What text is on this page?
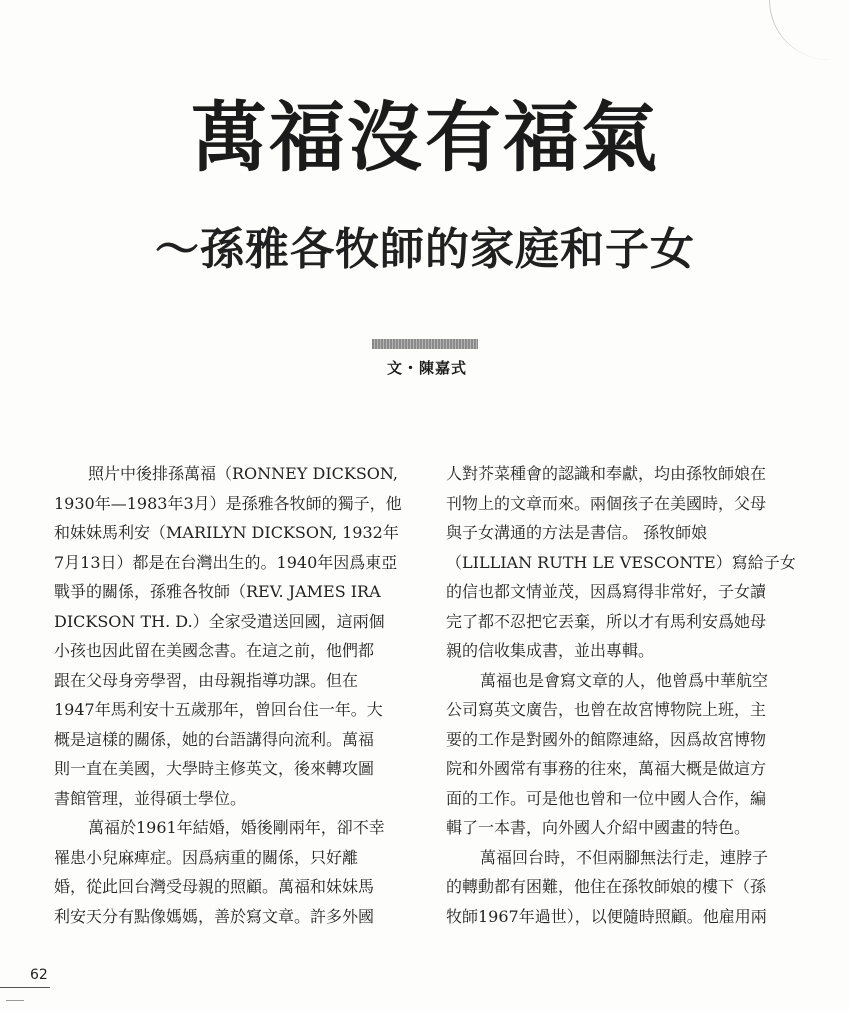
萬福沒有福氣
～孫雅各牧師的家庭和子女
文・陳嘉式
照片中後排孫萬福（RONNEY DICKSON,
1930年—1983年3月）是孫雅各牧師的獨子，他
和妹妹馬利安（MARILYN DICKSON, 1932年
7月13日）都是在台灣出生的。1940年因爲東亞
戰爭的關係，孫雅各牧師（REV. JAMES IRA
DICKSON TH. D.）全家受遣送回國，這兩個
小孩也因此留在美國念書。在這之前，他們都
跟在父母身旁學習，由母親指導功課。但在
1947年馬利安十五歲那年，曾回台住一年。大
概是這樣的關係，她的台語講得向流利。萬福
則一直在美國，大學時主修英文，後來轉攻圖
書館管理，並得碩士學位。
萬福於1961年結婚，婚後剛兩年，卻不幸
罹患小兒麻痺症。因爲病重的關係，只好離
婚，從此回台灣受母親的照顧。萬福和妹妹馬
利安天分有點像媽媽，善於寫文章。許多外國
人對芥菜種會的認識和奉獻，均由孫牧師娘在
刊物上的文章而來。兩個孩子在美國時，父母
與子女溝通的方法是書信。 孫牧師娘
（LILLIAN RUTH LE VESCONTE）寫給子女
的信也都文情並茂，因爲寫得非常好，子女讀
完了都不忍把它丟棄，所以才有馬利安爲她母
親的信收集成書，並出專輯。
萬福也是會寫文章的人，他曾爲中華航空
公司寫英文廣告，也曾在故宮博物院上班，主
要的工作是對國外的館際連絡，因爲故宮博物
院和外國常有事務的往來，萬福大概是做這方
面的工作。可是他也曾和一位中國人合作，編
輯了一本書，向外國人介紹中國畫的特色。
萬福回台時，不但兩腳無法行走，連脖子
的轉動都有困難，他住在孫牧師娘的樓下（孫
牧師1967年過世），以便隨時照顧。他雇用兩
62
